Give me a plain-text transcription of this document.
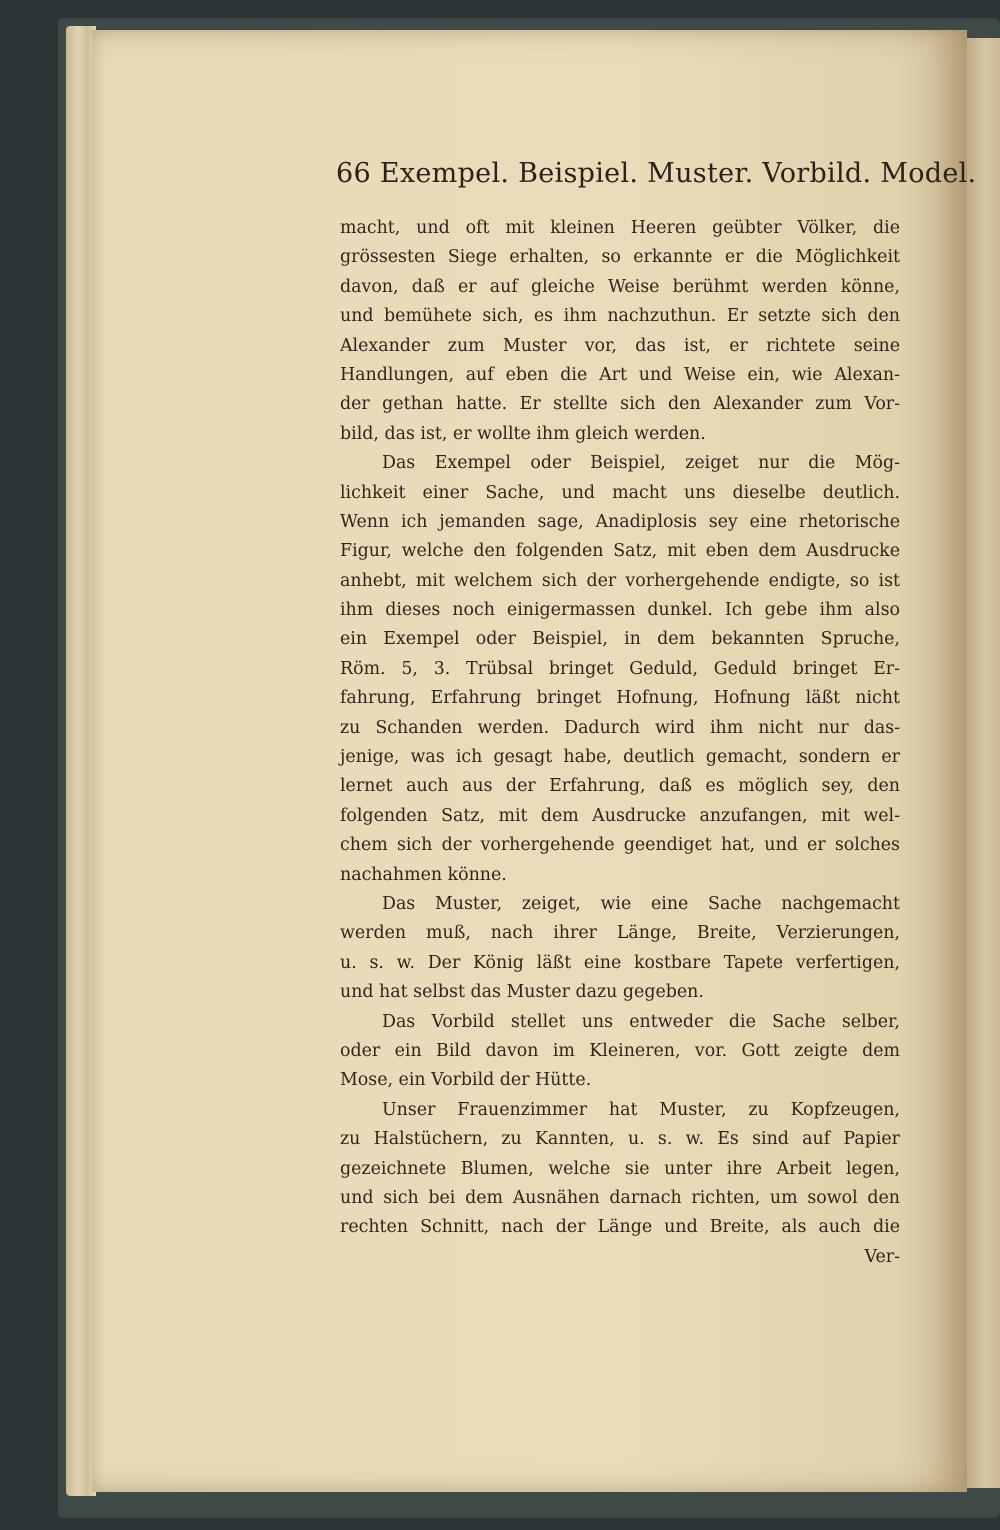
66 Exempel. Beispiel. Muster. Vorbild. Model.
macht, und oft mit kleinen Heeren geübter Völker, die
grössesten Siege erhalten, so erkannte er die Möglichkeit
davon, daß er auf gleiche Weise berühmt werden könne,
und bemühete sich, es ihm nachzuthun. Er setzte sich den
Alexander zum Muster vor, das ist, er richtete seine
Handlungen, auf eben die Art und Weise ein, wie Alexan-
der gethan hatte. Er stellte sich den Alexander zum Vor-
bild, das ist, er wollte ihm gleich werden.
Das Exempel oder Beispiel, zeiget nur die Mög-
lichkeit einer Sache, und macht uns dieselbe deutlich.
Wenn ich jemanden sage, Anadiplosis sey eine rhetorische
Figur, welche den folgenden Satz, mit eben dem Ausdrucke
anhebt, mit welchem sich der vorhergehende endigte, so ist
ihm dieses noch einigermassen dunkel. Ich gebe ihm also
ein Exempel oder Beispiel, in dem bekannten Spruche,
Röm. 5, 3. Trübsal bringet Geduld, Geduld bringet Er-
fahrung, Erfahrung bringet Hofnung, Hofnung läßt nicht
zu Schanden werden. Dadurch wird ihm nicht nur das-
jenige, was ich gesagt habe, deutlich gemacht, sondern er
lernet auch aus der Erfahrung, daß es möglich sey, den
folgenden Satz, mit dem Ausdrucke anzufangen, mit wel-
chem sich der vorhergehende geendiget hat, und er solches
nachahmen könne.
Das Muster, zeiget, wie eine Sache nachgemacht
werden muß, nach ihrer Länge, Breite, Verzierungen,
u. s. w. Der König läßt eine kostbare Tapete verfertigen,
und hat selbst das Muster dazu gegeben.
Das Vorbild stellet uns entweder die Sache selber,
oder ein Bild davon im Kleineren, vor. Gott zeigte dem
Mose, ein Vorbild der Hütte.
Unser Frauenzimmer hat Muster, zu Kopfzeugen,
zu Halstüchern, zu Kannten, u. s. w. Es sind auf Papier
gezeichnete Blumen, welche sie unter ihre Arbeit legen,
und sich bei dem Ausnähen darnach richten, um sowol den
rechten Schnitt, nach der Länge und Breite, als auch die
Ver-
